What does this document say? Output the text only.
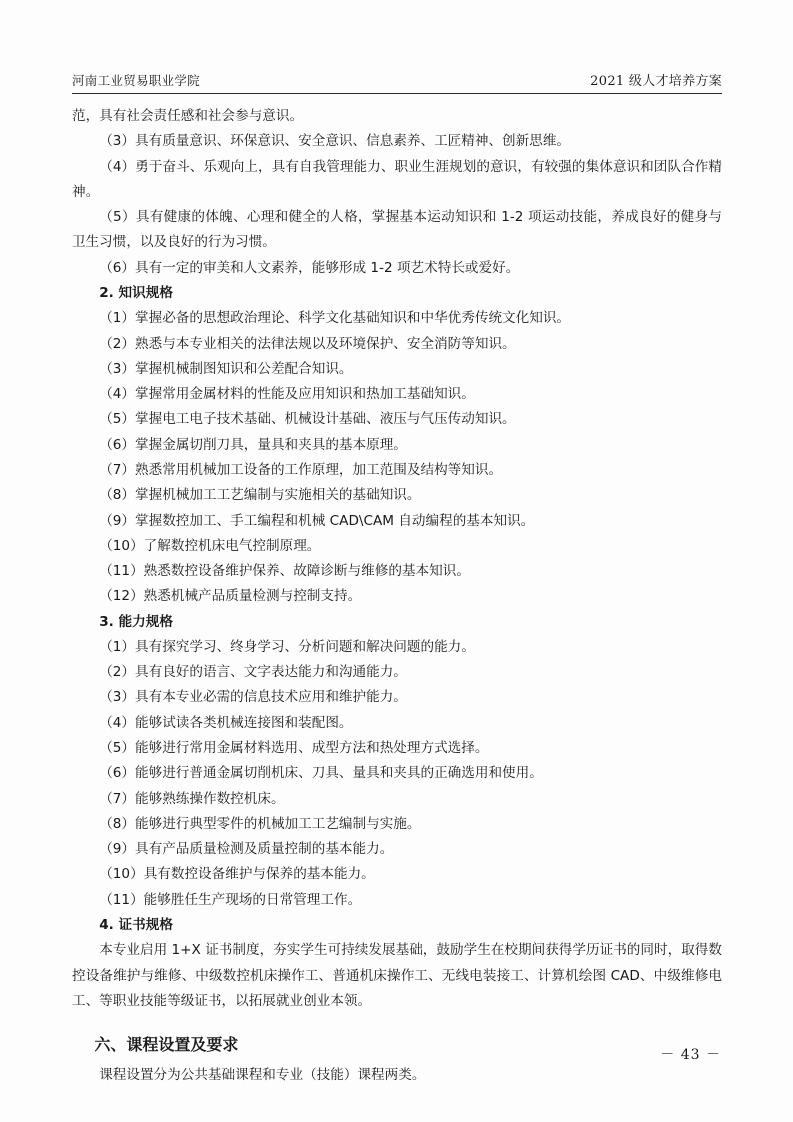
河南工业贸易职业学院	2021 级人才培养方案

范，具有社会责任感和社会参与意识。

（3）具有质量意识、环保意识、安全意识、信息素养、工匠精神、创新思维。

（4）勇于奋斗、乐观向上，具有自我管理能力、职业生涯规划的意识，有较强的集体意识和团队合作精神。

（5）具有健康的体魄、心理和健全的人格，掌握基本运动知识和 1-2 项运动技能，养成良好的健身与卫生习惯，以及良好的行为习惯。

（6）具有一定的审美和人文素养，能够形成 1-2 项艺术特长或爱好。

2. 知识规格

（1）掌握必备的思想政治理论、科学文化基础知识和中华优秀传统文化知识。

（2）熟悉与本专业相关的法律法规以及环境保护、安全消防等知识。

（3）掌握机械制图知识和公差配合知识。

（4）掌握常用金属材料的性能及应用知识和热加工基础知识。

（5）掌握电工电子技术基础、机械设计基础、液压与气压传动知识。

（6）掌握金属切削刀具，量具和夹具的基本原理。

（7）熟悉常用机械加工设备的工作原理，加工范围及结构等知识。

（8）掌握机械加工工艺编制与实施相关的基础知识。

（9）掌握数控加工、手工编程和机械 CAD\CAM 自动编程的基本知识。

（10）了解数控机床电气控制原理。

（11）熟悉数控设备维护保养、故障诊断与维修的基本知识。

（12）熟悉机械产品质量检测与控制支持。

3. 能力规格

（1）具有探究学习、终身学习、分析问题和解决问题的能力。

（2）具有良好的语言、文字表达能力和沟通能力。

（3）具有本专业必需的信息技术应用和维护能力。

（4）能够试读各类机械连接图和装配图。

（5）能够进行常用金属材料选用、成型方法和热处理方式选择。

（6）能够进行普通金属切削机床、刀具、量具和夹具的正确选用和使用。

（7）能够熟练操作数控机床。

（8）能够进行典型零件的机械加工工艺编制与实施。

（9）具有产品质量检测及质量控制的基本能力。

（10）具有数控设备维护与保养的基本能力。

（11）能够胜任生产现场的日常管理工作。

4. 证书规格

本专业启用 1+X 证书制度，夯实学生可持续发展基础，鼓励学生在校期间获得学历证书的同时，取得数控设备维护与维修、中级数控机床操作工、普通机床操作工、无线电装接工、计算机绘图 CAD、中级维修电工、等职业技能等级证书，以拓展就业创业本领。

六、课程设置及要求

课程设置分为公共基础课程和专业（技能）课程两类。

－ 43 －
